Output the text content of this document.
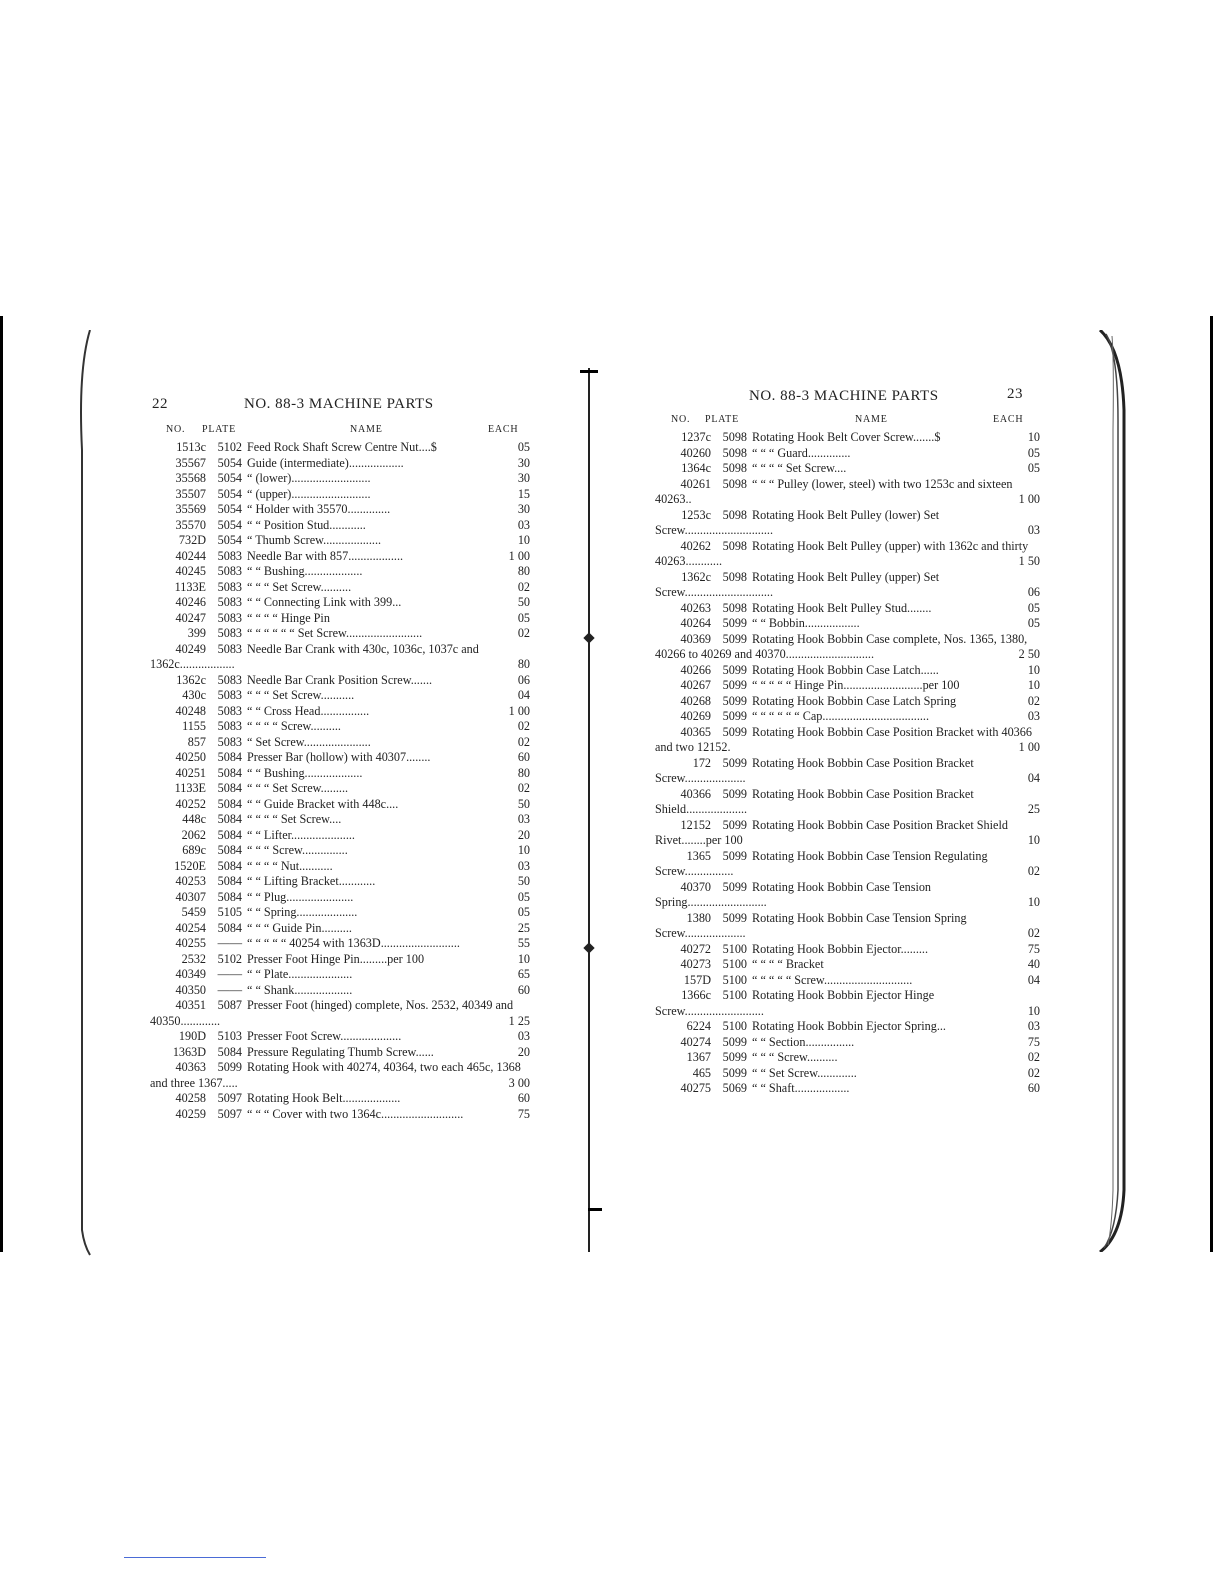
22	NO. 88-3 MACHINE PARTS
NO. PLATE	NAME	EACH
1513c 5102 Feed Rock Shaft Screw Centre Nut....$	05
35567 5054 Guide (intermediate)..................	30
35568 5054 “ (lower)..........................	30
35507 5054 “ (upper)..........................	15
35569 5054 “ Holder with 35570..............	30
35570 5054 “ “ Position Stud............	03
732D 5054 “ Thumb Screw...................	10
40244 5083 Needle Bar with 857..................	1 00
40245 5083 “ “ Bushing...................	80
1133E 5083 “ “ “ Set Screw..........	02
40246 5083 “ “ Connecting Link with 399...	50
40247 5083 “ “ “ “ Hinge Pin	05
399 5083 “ “ “ “ “ “ Set Screw.........................	02
40249 5083 Needle Bar Crank with 430c, 1036c, 1037c and 1362c..................	80
1362c 5083 Needle Bar Crank Position Screw.......	06
430c 5083 “ “ “ Set Screw...........	04
40248 5083 “ “ Cross Head................	1 00
1155 5083 “ “ “ “ Screw..........	02
857 5083 “ Set Screw......................	02
40250 5084 Presser Bar (hollow) with 40307........	60
40251 5084 “ “ Bushing...................	80
1133E 5084 “ “ “ Set Screw.........	02
40252 5084 “ “ Guide Bracket with 448c....	50
448c 5084 “ “ “ “ Set Screw....	03
2062 5084 “ “ Lifter.....................	20
689c 5084 “ “ “ Screw...............	10
1520E 5084 “ “ “ “ Nut...........	03
40253 5084 “ “ Lifting Bracket............	50
40307 5084 “ “ Plug......................	05
5459 5105 “ “ Spring....................	05
40254 5084 “ “ “ Guide Pin..........	25
40255 —— “ “ “ “ “ 40254 with 1363D..........................	55
2532 5102 Presser Foot Hinge Pin.........per 100	10
40349 —— “ “ Plate.....................	65
40350 —— “ “ Shank...................	60
40351 5087 Presser Foot (hinged) complete, Nos. 2532, 40349 and 40350.............	1 25
190D 5103 Presser Foot Screw....................	03
1363D 5084 Pressure Regulating Thumb Screw......	20
40363 5099 Rotating Hook with 40274, 40364, two each 465c, 1368 and three 1367.....	3 00
40258 5097 Rotating Hook Belt...................	60
40259 5097 “ “ “ Cover with two 1364c...........................	75
NO. 88-3 MACHINE PARTS	23
NO. PLATE	NAME	EACH
1237c 5098 Rotating Hook Belt Cover Screw.......$	10
40260 5098 “ “ “ Guard..............	05
1364c 5098 “ “ “ “ Set Screw....	05
40261 5098 “ “ “ Pulley (lower, steel) with two 1253c and sixteen 40263..	1 00
1253c 5098 Rotating Hook Belt Pulley (lower) Set Screw.............................	03
40262 5098 Rotating Hook Belt Pulley (upper) with 1362c and thirty 40263............	1 50
1362c 5098 Rotating Hook Belt Pulley (upper) Set Screw.............................	06
40263 5098 Rotating Hook Belt Pulley Stud........	05
40264 5099 “ “ Bobbin..................	05
40369 5099 Rotating Hook Bobbin Case complete, Nos. 1365, 1380, 40266 to 40269 and 40370.............................	2 50
40266 5099 Rotating Hook Bobbin Case Latch......	10
40267 5099 “ “ “ “ “ Hinge Pin..........................per 100	10
40268 5099 Rotating Hook Bobbin Case Latch Spring	02
40269 5099 “ “ “ “ “ “ Cap...................................	03
40365 5099 Rotating Hook Bobbin Case Position Bracket with 40366 and two 12152.	1 00
172 5099 Rotating Hook Bobbin Case Position Bracket Screw....................	04
40366 5099 Rotating Hook Bobbin Case Position Bracket Shield....................	25
12152 5099 Rotating Hook Bobbin Case Position Bracket Shield Rivet........per 100	10
1365 5099 Rotating Hook Bobbin Case Tension Regulating Screw................	02
40370 5099 Rotating Hook Bobbin Case Tension Spring..........................	10
1380 5099 Rotating Hook Bobbin Case Tension Spring Screw....................	02
40272 5100 Rotating Hook Bobbin Ejector.........	75
40273 5100 “ “ “ “ Bracket	40
157D 5100 “ “ “ “ “ Screw.............................	04
1366c 5100 Rotating Hook Bobbin Ejector Hinge Screw..........................	10
6224 5100 Rotating Hook Bobbin Ejector Spring...	03
40274 5099 “ “ Section................	75
1367 5099 “ “ “ Screw..........	02
465 5099 “ “ Set Screw.............	02
40275 5069 “ “ Shaft..................	60
